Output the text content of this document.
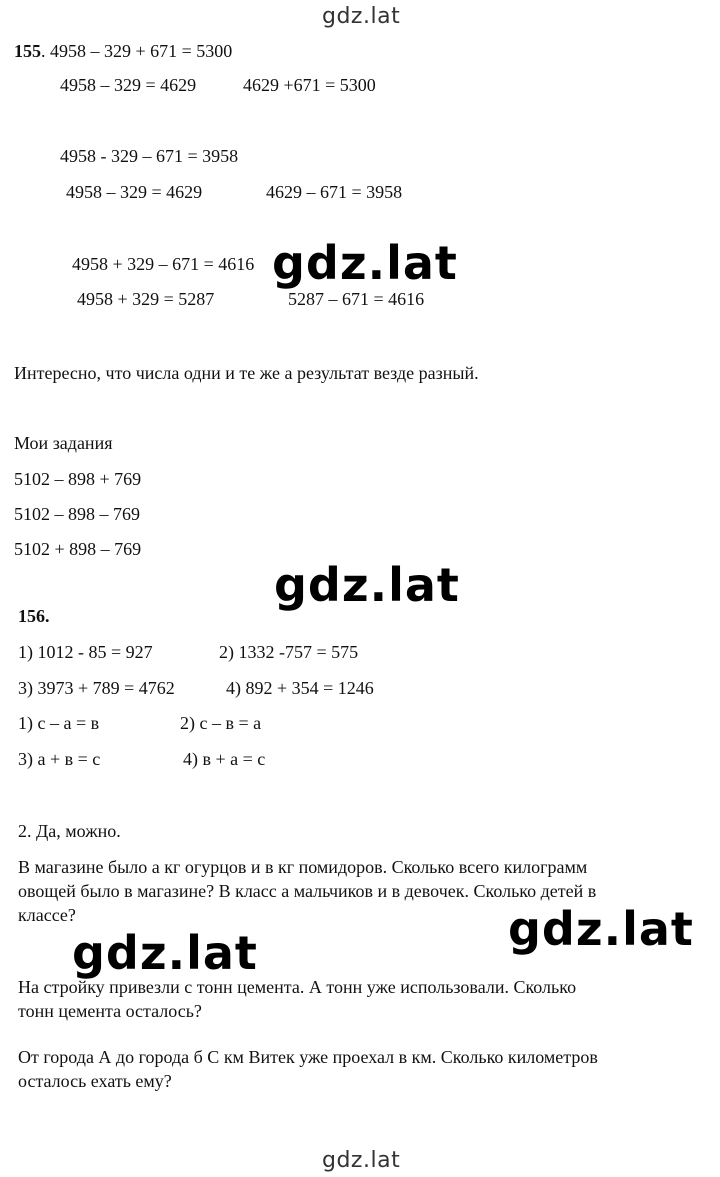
gdz.lat
155. 4958 – 329 + 671 = 5300
4958 – 329 = 4629	4629 +671 = 5300
4958 - 329 – 671 = 3958
4958 – 329 = 4629	4629 – 671 = 3958
4958 + 329 – 671 = 4616
4958 + 329 = 5287	5287 – 671 = 4616
gdz.lat
Интересно, что числа одни и те же а результат везде разный.
Мои задания
5102 – 898 + 769
5102 – 898 – 769
5102 + 898 – 769
gdz.lat
156.
1) 1012 - 85 = 927	2) 1332 -757 = 575
3) 3973 + 789 = 4762	4) 892 + 354 = 1246
1) с – а = в	2) с – в = а
3) а + в = с	4) в + а = с
2. Да, можно.
В магазине было а кг огурцов и в кг помидоров. Сколько всего килограмм
овощей было в магазине? В класс а мальчиков и в девочек. Сколько детей в
классе?	gdz.lat
gdz.lat
На стройку привезли с тонн цемента. А тонн уже использовали. Сколько
тонн цемента осталось?
От города А до города б С км Витек уже проехал в км. Сколько километров
осталось ехать ему?
gdz.lat
